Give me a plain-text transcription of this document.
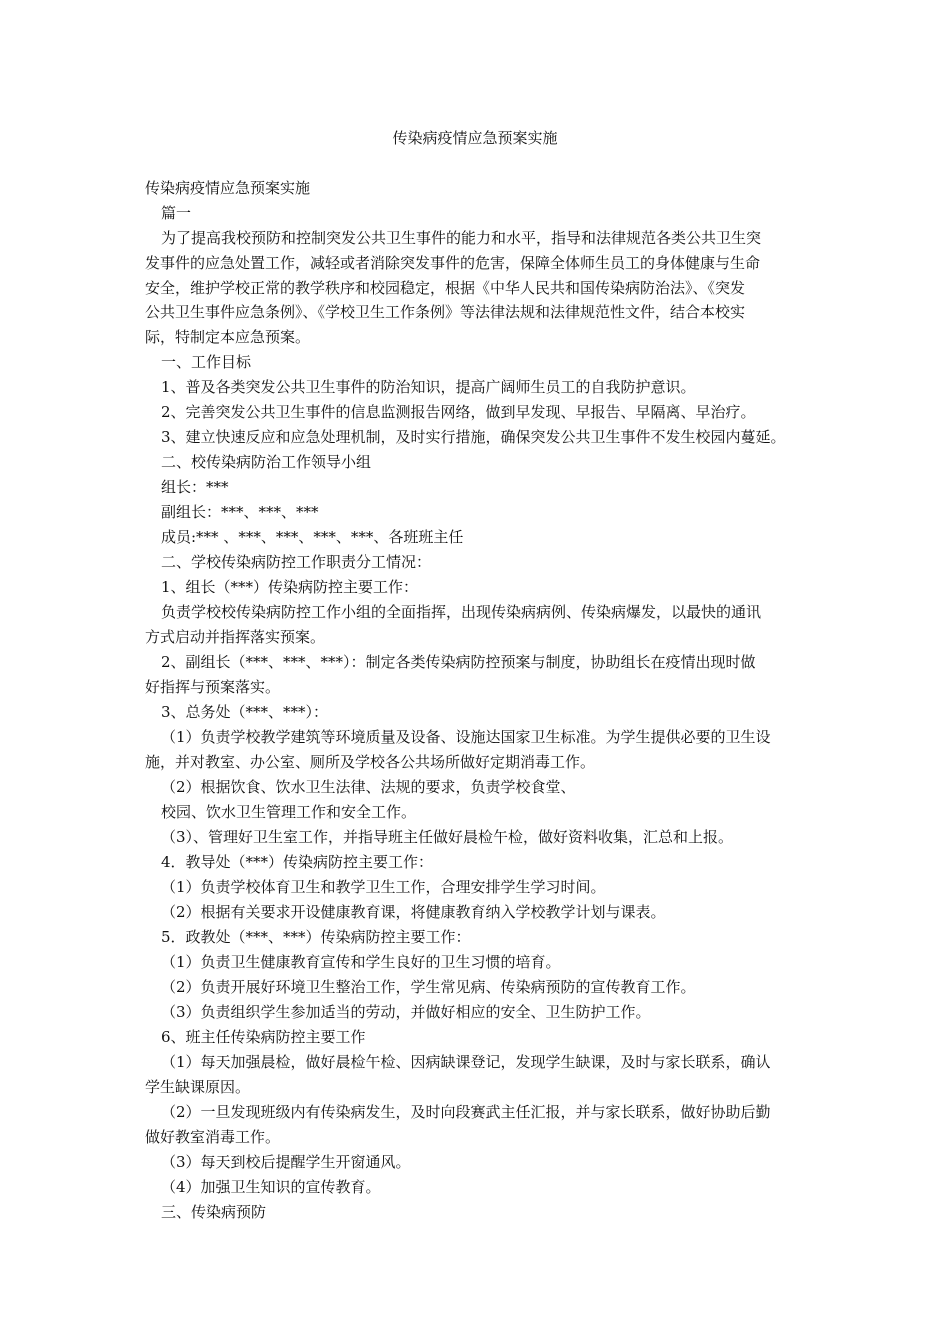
传染病疫情应急预案实施
传染病疫情应急预案实施
篇一
为了提高我校预防和控制突发公共卫生事件的能力和水平，指导和法律规范各类公共卫生突
发事件的应急处置工作，减轻或者消除突发事件的危害，保障全体师生员工的身体健康与生命
安全，维护学校正常的教学秩序和校园稳定，根据《中华人民共和国传染病防治法》、《突发
公共卫生事件应急条例》、《学校卫生工作条例》等法律法规和法律规范性文件，结合本校实
际，特制定本应急预案。
一、工作目标
1、普及各类突发公共卫生事件的防治知识，提高广阔师生员工的自我防护意识。
2、完善突发公共卫生事件的信息监测报告网络，做到早发现、早报告、早隔离、早治疗。
3、建立快速反应和应急处理机制，及时实行措施，确保突发公共卫生事件不发生校园内蔓延。
二、校传染病防治工作领导小组
组长：***
副组长：***、***、***
成员:*** 、***、***、***、***、各班班主任
二、学校传染病防控工作职责分工情况：
1、组长（***）传染病防控主要工作：
负责学校校传染病防控工作小组的全面指挥，出现传染病病例、传染病爆发，以最快的通讯
方式启动并指挥落实预案。
2、副组长（***、***、***）：制定各类传染病防控预案与制度，协助组长在疫情出现时做
好指挥与预案落实。
3、总务处（***、***）：
（1）负责学校教学建筑等环境质量及设备、设施达国家卫生标准。为学生提供必要的卫生设
施，并对教室、办公室、厕所及学校各公共场所做好定期消毒工作。
（2）根据饮食、饮水卫生法律、法规的要求，负责学校食堂、
校园、饮水卫生管理工作和安全工作。
（3）、管理好卫生室工作，并指导班主任做好晨检午检，做好资料收集，汇总和上报。
4．教导处（***）传染病防控主要工作：
（1）负责学校体育卫生和教学卫生工作，合理安排学生学习时间。
（2）根据有关要求开设健康教育课，将健康教育纳入学校教学计划与课表。
5．政教处（***、***）传染病防控主要工作：
（1）负责卫生健康教育宣传和学生良好的卫生习惯的培育。
（2）负责开展好环境卫生整治工作，学生常见病、传染病预防的宣传教育工作。
（3）负责组织学生参加适当的劳动，并做好相应的安全、卫生防护工作。
6、班主任传染病防控主要工作
（1）每天加强晨检，做好晨检午检、因病缺课登记，发现学生缺课，及时与家长联系，确认
学生缺课原因。
（2）一旦发现班级内有传染病发生，及时向段赛武主任汇报，并与家长联系，做好协助后勤
做好教室消毒工作。
（3）每天到校后提醒学生开窗通风。
（4）加强卫生知识的宣传教育。
三、传染病预防
